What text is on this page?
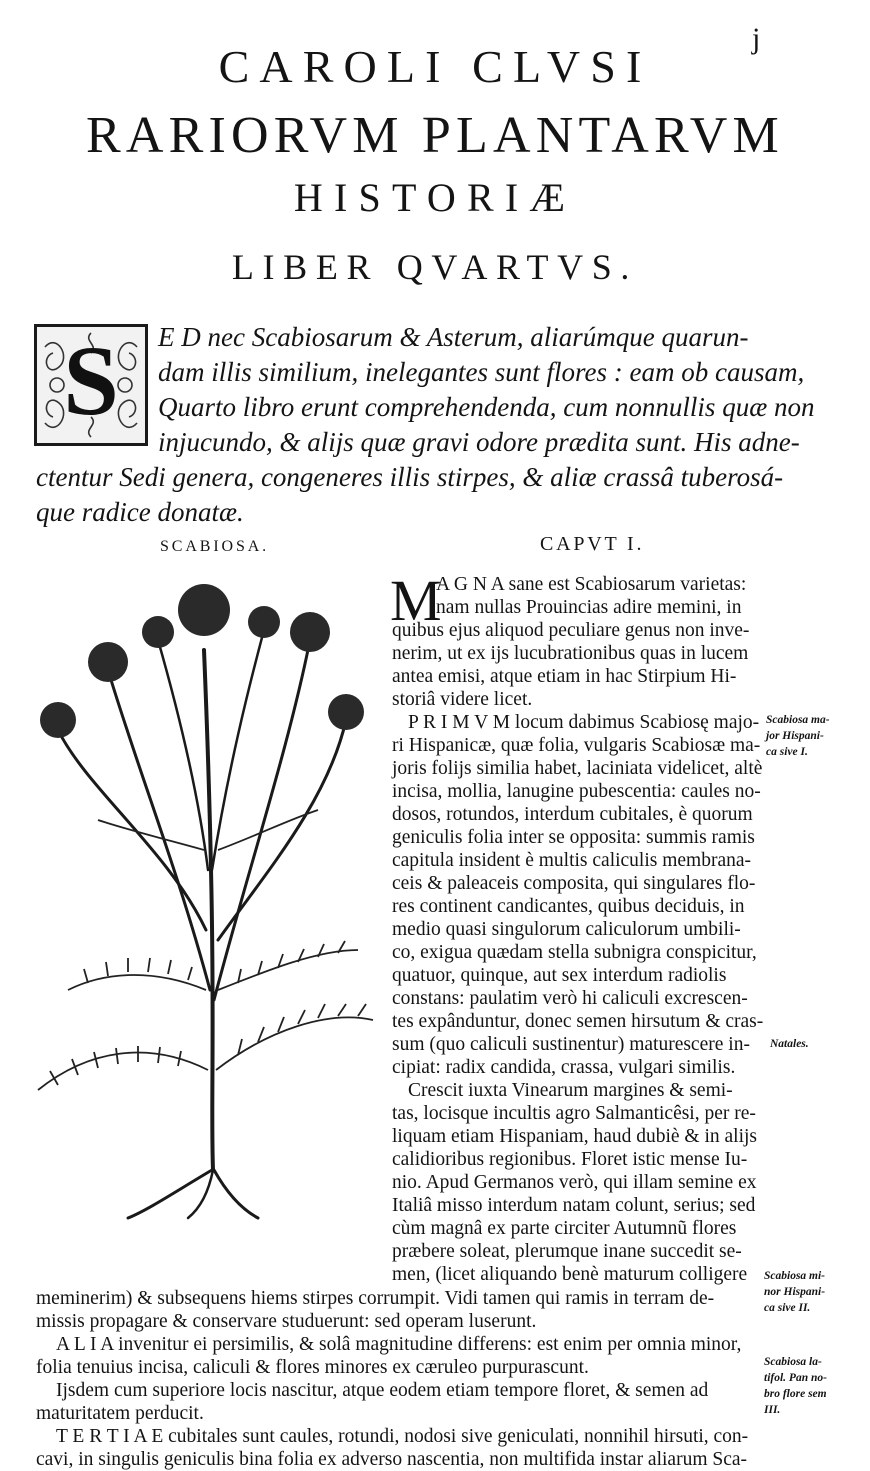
j
CAROLI CLVSI
RARIORVM PLANTARVM
HISTORIÆ
LIBER QVARTVS.
S	E D nec Scabiosarum & Asterum, aliarúmque quarun-
dam illis similium, inelegantes sunt flores : eam ob causam,
Quarto libro erunt comprehendenda, cum nonnullis quæ non
injucundo, & alijs quæ gravi odore prædita sunt. His adne-
ctentur Sedi genera, congeneres illis stirpes, & aliæ crassâ tuberosá-
que radice donatæ.
SCABIOSA.	CAPVT I.
M
A G N A sane est Scabiosarum varietas:
nam nullas Prouincias adire memini, in
quibus ejus aliquod peculiare genus non inve-
nerim, ut ex ijs lucubrationibus quas in lucem
antea emisi, atque etiam in hac Stirpium Hi-
storiâ videre licet.
P R I M V M locum dabimus Scabiosę majo-
ri Hispanicæ, quæ folia, vulgaris Scabiosæ ma-
joris folijs similia habet, laciniata videlicet, altè
incisa, mollia, lanugine pubescentia: caules no-
dosos, rotundos, interdum cubitales, è quorum
geniculis folia inter se opposita: summis ramis
capitula insident è multis caliculis membrana-
ceis & paleaceis composita, qui singulares flo-
res continent candicantes, quibus deciduis, in
medio quasi singulorum caliculorum umbili-
co, exigua quædam stella subnigra conspicitur,
quatuor, quinque, aut sex interdum radiolis
constans: paulatim verò hi caliculi excrescen-
tes expânduntur, donec semen hirsutum & cras-
sum (quo caliculi sustinentur) maturescere in-
cipiat: radix candida, crassa, vulgari similis.
Crescit iuxta Vinearum margines & semi-
tas, locisque incultis agro Salmanticêsi, per re-
liquam etiam Hispaniam, haud dubiè & in alijs
calidioribus regionibus. Floret istic mense Iu-
nio. Apud Germanos verò, qui illam semine ex
Italiâ misso interdum natam colunt, serius; sed
cùm magnâ ex parte circiter Autumnũ flores
præbere soleat, plerumque inane succedit se-
men, (licet aliquando benè maturum colligere
meminerim) & subsequens hiems stirpes corrumpit. Vidi tamen qui ramis in terram de-
missis propagare & conservare studuerunt: sed operam luserunt.
A L I A invenitur ei persimilis, & solâ magnitudine differens: est enim per omnia minor,
folia tenuius incisa, caliculi & flores minores ex cæruleo purpurascunt.
Ijsdem cum superiore locis nascitur, atque eodem etiam tempore floret, & semen ad
maturitatem perducit.
T E R T I A E cubitales sunt caules, rotundi, nodosi sive geniculati, nonnihil hirsuti, con-
cavi, in singulis geniculis bina folia ex adverso nascentia, non multifida instar aliarum Sca-
Scabiosa ma-
jor Hispani-
ca sive I.
Natales.
Scabiosa mi-
nor Hispani-
ca sive II.
Scabiosa la-
tifol. Pan no-
bro flore sem
III.
